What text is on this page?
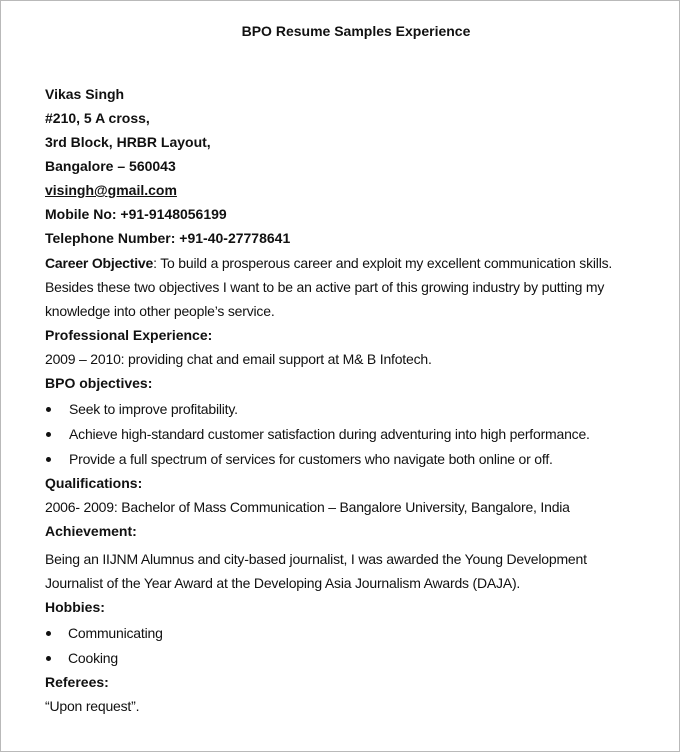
BPO Resume Samples Experience
Vikas Singh
#210, 5 A cross,
3rd Block, HRBR Layout,
Bangalore – 560043
visingh@gmail.com
Mobile No: +91-9148056199
Telephone Number: +91-40-27778641
Career Objective: To build a prosperous career and exploit my excellent communication skills.
Besides these two objectives I want to be an active part of this growing industry by putting my
knowledge into other people’s service.
Professional Experience:
2009 – 2010: providing chat and email support at M& B Infotech.
BPO objectives:
Seek to improve profitability.
Achieve high-standard customer satisfaction during adventuring into high performance.
Provide a full spectrum of services for customers who navigate both online or off.
Qualifications:
2006- 2009: Bachelor of Mass Communication – Bangalore University, Bangalore, India
Achievement:
Being an IIJNM Alumnus and city-based journalist, I was awarded the Young Development
Journalist of the Year Award at the Developing Asia Journalism Awards (DAJA).
Hobbies:
Communicating
Cooking
Referees:
“Upon request”.
